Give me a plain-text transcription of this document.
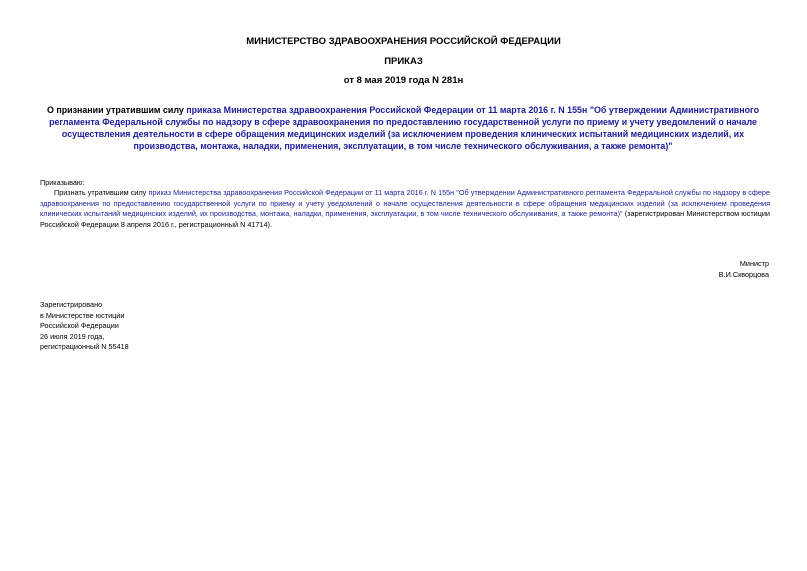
МИНИСТЕРСТВО ЗДРАВООХРАНЕНИЯ РОССИЙСКОЙ ФЕДЕРАЦИИ
ПРИКАЗ
от 8 мая 2019 года N 281н
О признании утратившим силу приказа Министерства здравоохранения Российской Федерации от 11 марта 2016 г. N 155н "Об утверждении Административного регламента Федеральной службы по надзору в сфере здравоохранения по предоставлению государственной услуги по приему и учету уведомлений о начале осуществления деятельности в сфере обращения медицинских изделий (за исключением проведения клинических испытаний медицинских изделий, их производства, монтажа, наладки, применения, эксплуатации, в том числе технического обслуживания, а также ремонта)"
Приказываю:
Признать утратившим силу приказ Министерства здравоохранения Российской Федерации от 11 марта 2016 г. N 155н "Об утверждении Административного регламента Федеральной службы по надзору в сфере здравоохранения по предоставлению государственной услуги по приему и учету уведомлений о начале осуществления деятельности в сфере обращения медицинских изделий (за исключением проведения клинических испытаний медицинских изделий, их производства, монтажа, наладки, применения, эксплуатации, в том числе технического обслуживания, а также ремонта)" (зарегистрирован Министерством юстиции Российской Федерации 8 апреля 2016 г., регистрационный N 41714).
Министр
В.И.Скворцова
Зарегистрировано
в Министерстве юстиции
Российской Федерации
26 июля 2019 года,
регистрационный N 55418
